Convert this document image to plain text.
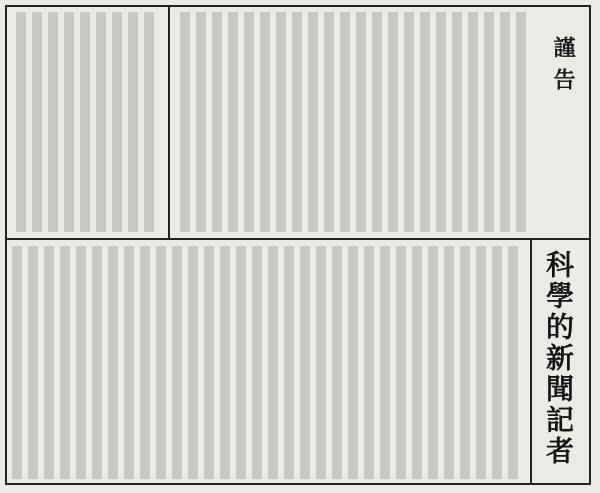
謹告
科學的新聞記者
